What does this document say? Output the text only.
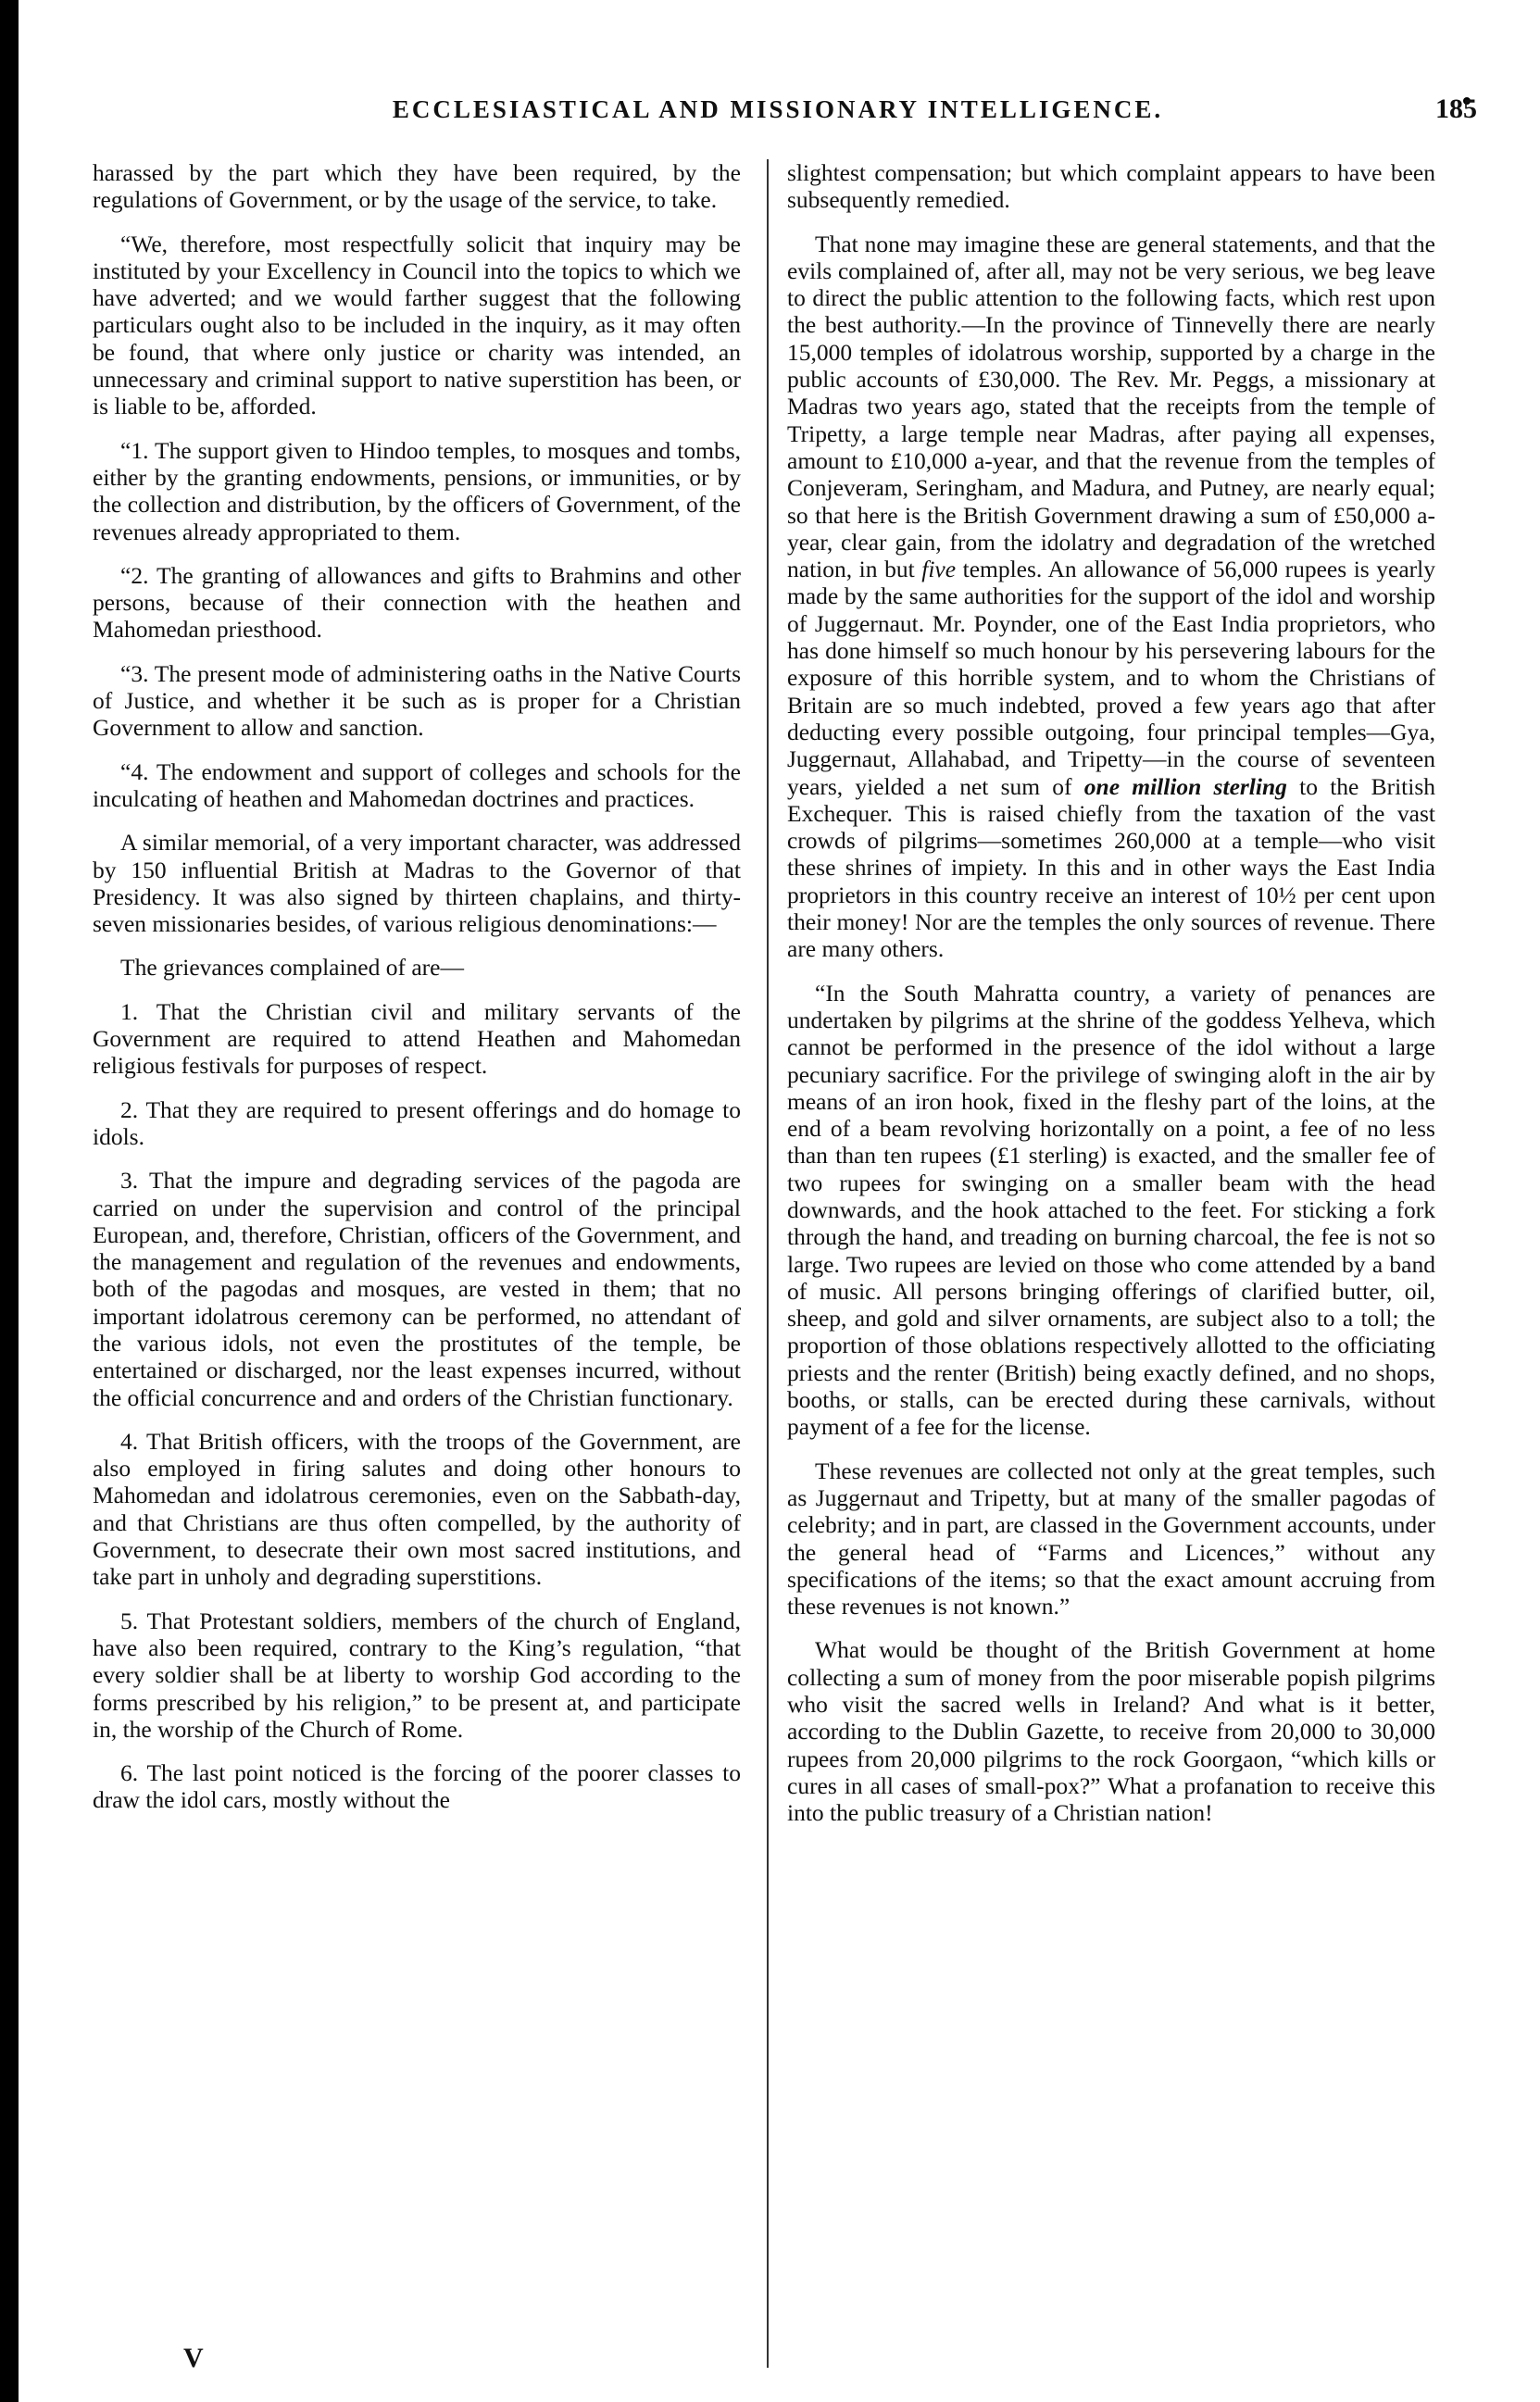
ECCLESIASTICAL AND MISSIONARY INTELLIGENCE.	185

harassed by the part which they have been required, by the regulations of Government, or by the usage of the service, to take.

“We, therefore, most respectfully solicit that inquiry may be instituted by your Excellency in Council into the topics to which we have adverted; and we would farther suggest that the following particulars ought also to be included in the inquiry, as it may often be found, that where only justice or charity was intended, an unnecessary and criminal support to native superstition has been, or is liable to be, afforded.

“1. The support given to Hindoo temples, to mosques and tombs, either by the granting endowments, pensions, or immunities, or by the collection and distribution, by the officers of Government, of the revenues already appropriated to them.

“2. The granting of allowances and gifts to Brahmins and other persons, because of their connection with the heathen and Mahomedan priesthood.

“3. The present mode of administering oaths in the Native Courts of Justice, and whether it be such as is proper for a Christian Government to allow and sanction.

“4. The endowment and support of colleges and schools for the inculcating of heathen and Mahomedan doctrines and practices.

A similar memorial, of a very important character, was addressed by 150 influential British at Madras to the Governor of that Presidency. It was also signed by thirteen chaplains, and thirty-seven missionaries besides, of various religious denominations:—

The grievances complained of are—

1. That the Christian civil and military servants of the Government are required to attend Heathen and Mahomedan religious festivals for purposes of respect.

2. That they are required to present offerings and do homage to idols.

3. That the impure and degrading services of the pagoda are carried on under the supervision and control of the principal European, and, therefore, Christian, officers of the Government, and the management and regulation of the revenues and endowments, both of the pagodas and mosques, are vested in them; that no important idolatrous ceremony can be performed, no attendant of the various idols, not even the prostitutes of the temple, be entertained or discharged, nor the least expenses incurred, without the official concurrence and and orders of the Christian functionary.

4. That British officers, with the troops of the Government, are also employed in firing salutes and doing other honours to Mahomedan and idolatrous ceremonies, even on the Sabbath-day, and that Christians are thus often compelled, by the authority of Government, to desecrate their own most sacred institutions, and take part in unholy and degrading superstitions.

5. That Protestant soldiers, members of the church of England, have also been required, contrary to the King’s regulation, “that every soldier shall be at liberty to worship God according to the forms prescribed by his religion,” to be present at, and participate in, the worship of the Church of Rome.

6. The last point noticed is the forcing of the poorer classes to draw the idol cars, mostly without the

slightest compensation; but which complaint appears to have been subsequently remedied.

That none may imagine these are general statements, and that the evils complained of, after all, may not be very serious, we beg leave to direct the public attention to the following facts, which rest upon the best authority.—In the province of Tinnevelly there are nearly 15,000 temples of idolatrous worship, supported by a charge in the public accounts of £30,000. The Rev. Mr. Peggs, a missionary at Madras two years ago, stated that the receipts from the temple of Tripetty, a large temple near Madras, after paying all expenses, amount to £10,000 a-year, and that the revenue from the temples of Conjeveram, Seringham, and Madura, and Putney, are nearly equal; so that here is the British Government drawing a sum of £50,000 a-year, clear gain, from the idolatry and degradation of the wretched nation, in but five temples. An allowance of 56,000 rupees is yearly made by the same authorities for the support of the idol and worship of Juggernaut. Mr. Poynder, one of the East India proprietors, who has done himself so much honour by his persevering labours for the exposure of this horrible system, and to whom the Christians of Britain are so much indebted, proved a few years ago that after deducting every possible outgoing, four principal temples—Gya, Juggernaut, Allahabad, and Tripetty—in the course of seventeen years, yielded a net sum of one million sterling to the British Exchequer. This is raised chiefly from the taxation of the vast crowds of pilgrims—sometimes 260,000 at a temple—who visit these shrines of impiety. In this and in other ways the East India proprietors in this country receive an interest of 10½ per cent upon their money! Nor are the temples the only sources of revenue. There are many others.

“In the South Mahratta country, a variety of penances are undertaken by pilgrims at the shrine of the goddess Yelheva, which cannot be performed in the presence of the idol without a large pecuniary sacrifice. For the privilege of swinging aloft in the air by means of an iron hook, fixed in the fleshy part of the loins, at the end of a beam revolving horizontally on a point, a fee of no less than than ten rupees (£1 sterling) is exacted, and the smaller fee of two rupees for swinging on a smaller beam with the head downwards, and the hook attached to the feet. For sticking a fork through the hand, and treading on burning charcoal, the fee is not so large. Two rupees are levied on those who come attended by a band of music. All persons bringing offerings of clarified butter, oil, sheep, and gold and silver ornaments, are subject also to a toll; the proportion of those oblations respectively allotted to the officiating priests and the renter (British) being exactly defined, and no shops, booths, or stalls, can be erected during these carnivals, without payment of a fee for the license.

These revenues are collected not only at the great temples, such as Juggernaut and Tripetty, but at many of the smaller pagodas of celebrity; and in part, are classed in the Government accounts, under the general head of “Farms and Licences,” without any specifications of the items; so that the exact amount accruing from these revenues is not known.”

What would be thought of the British Government at home collecting a sum of money from the poor miserable popish pilgrims who visit the sacred wells in Ireland? And what is it better, according to the Dublin Gazette, to receive from 20,000 to 30,000 rupees from 20,000 pilgrims to the rock Goorgaon, “which kills or cures in all cases of small-pox?” What a profanation to receive this into the public treasury of a Christian nation!

V
